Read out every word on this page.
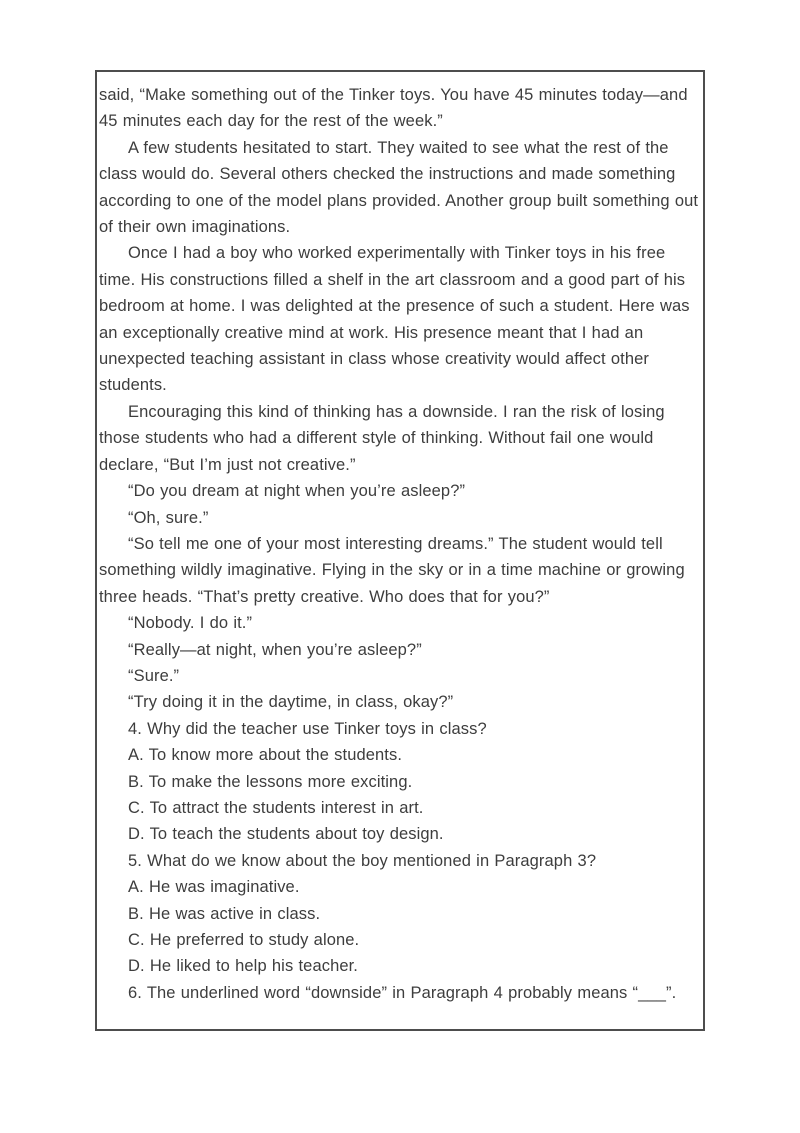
said, “Make something out of the Tinker toys. You have 45 minutes today—and 45 minutes each day for the rest of the week.”

A few students hesitated to start. They waited to see what the rest of the class would do. Several others checked the instructions and made something according to one of the model plans provided. Another group built something out of their own imaginations.

Once I had a boy who worked experimentally with Tinker toys in his free time. His constructions filled a shelf in the art classroom and a good part of his bedroom at home. I was delighted at the presence of such a student. Here was an exceptionally creative mind at work. His presence meant that I had an unexpected teaching assistant in class whose creativity would affect other students.

Encouraging this kind of thinking has a downside. I ran the risk of losing those students who had a different style of thinking. Without fail one would declare, “But I’m just not creative.”

“Do you dream at night when you’re asleep?”

“Oh, sure.”

“So tell me one of your most interesting dreams.” The student would tell something wildly imaginative. Flying in the sky or in a time machine or growing three heads. “That’s pretty creative. Who does that for you?”

“Nobody. I do it.”

“Really—at night, when you’re asleep?”

“Sure.”

“Try doing it in the daytime, in class, okay?”

4. Why did the teacher use Tinker toys in class?

A. To know more about the students.

B. To make the lessons more exciting.

C. To attract the students interest in art.

D. To teach the students about toy design.

5. What do we know about the boy mentioned in Paragraph 3?

A. He was imaginative.

B. He was active in class.

C. He preferred to study alone.

D. He liked to help his teacher.

6. The underlined word “downside” in Paragraph 4 probably means “___”.
